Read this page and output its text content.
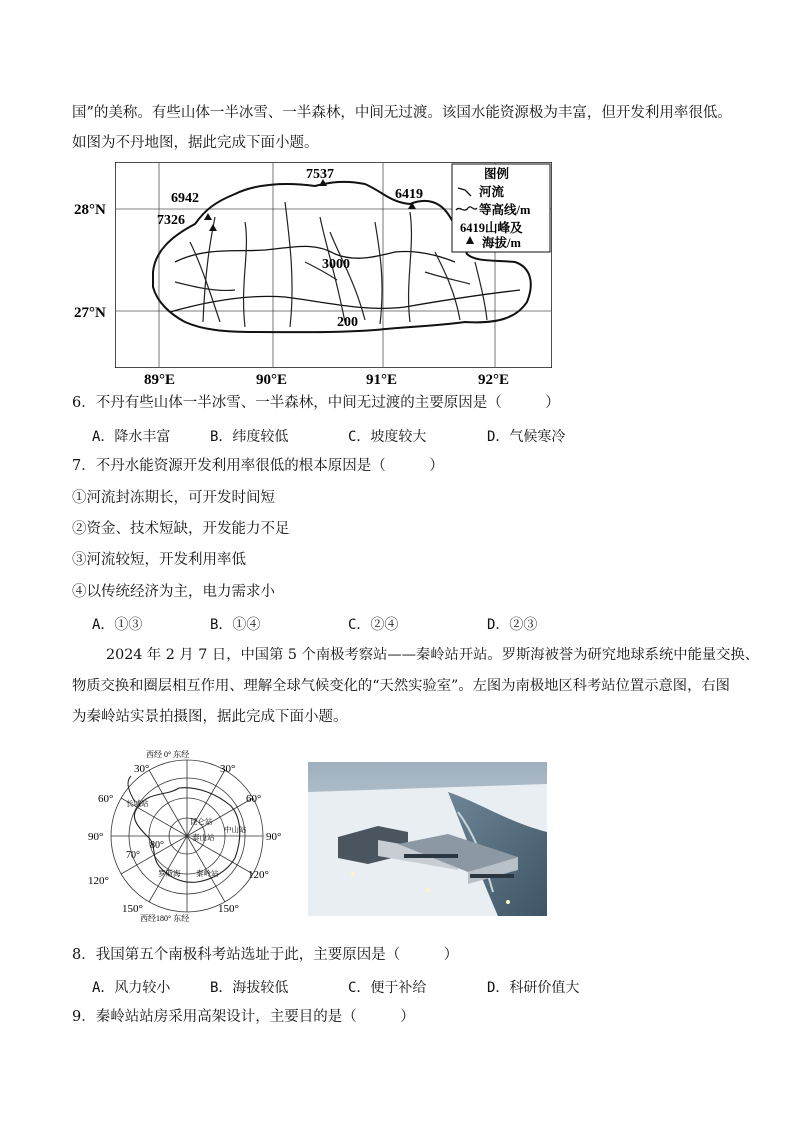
国”的美称。有些山体一半冰雪、一半森林，中间无过渡。该国水能资源极为丰富，但开发利用率很低。
如图为不丹地图，据此完成下面小题。
7537
6942
7326
6419
3000
200
图例
河流
等高线/m
6419山峰及
海拔/m
28°N
27°N
89°E	90°E	91°E	92°E
6．不丹有些山体一半冰雪、一半森林，中间无过渡的主要原因是（　　　）
A．降水丰富	B．纬度较低	C．坡度较大	D．气候寒冷
7．不丹水能资源开发利用率很低的根本原因是（　　　）
①河流封冻期长，可开发时间短
②资金、技术短缺，开发能力不足
③河流较短，开发利用率低
④以传统经济为主，电力需求小
A．①③	B．①④	C．②④	D．②③
2024 年 2 月 7 日，中国第 5 个南极考察站——秦岭站开站。罗斯海被誉为研究地球系统中能量交换、
物质交换和圈层相互作用、理解全球气候变化的“天然实验室”。左图为南极地区科考站位置示意图，右图
为秦岭站实景拍摄图，据此完成下面小题。
西经 0° 东经
西经180° 东经
30°	30°
60°	60°
90°	90°
120°	120°
150°	150°
70°
80°
长城站
昆仑站
泰山站
中山站
秦岭站
罗斯海
8．我国第五个南极科考站选址于此，主要原因是（　　　）
A．风力较小	B．海拔较低	C．便于补给	D．科研价值大
9．秦岭站站房采用高架设计，主要目的是（　　　）
